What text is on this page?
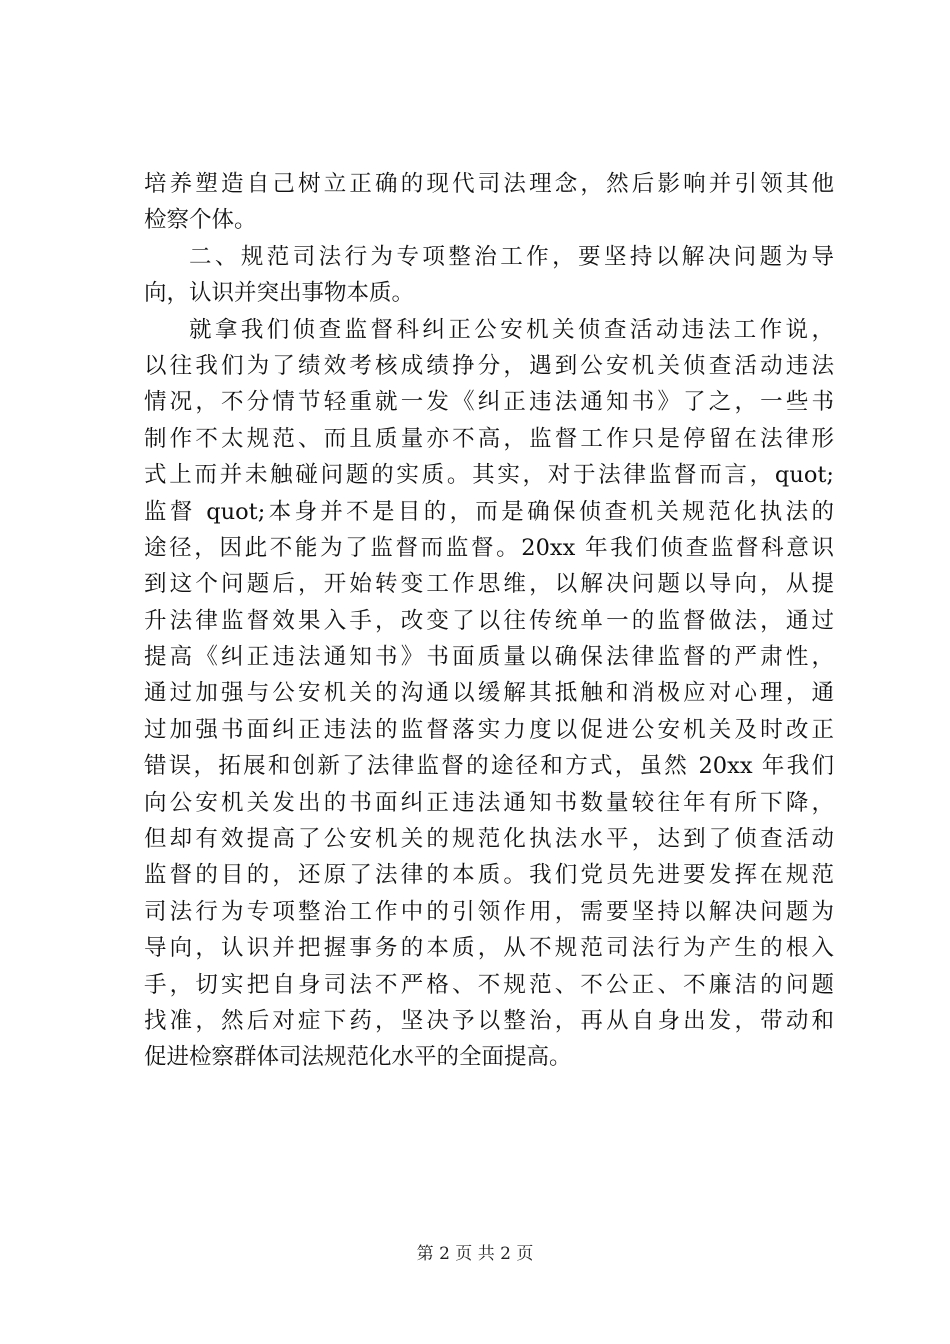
培养塑造自己树立正确的现代司法理念，然后影响并引领其他
检察个体。
二、规范司法行为专项整治工作，要坚持以解决问题为导
向，认识并突出事物本质。
就拿我们侦查监督科纠正公安机关侦查活动违法工作说，
以往我们为了绩效考核成绩挣分，遇到公安机关侦查活动违法
情况，不分情节轻重就一发《纠正违法通知书》了之，一些书
制作不太规范、而且质量亦不高，监督工作只是停留在法律形
式上而并未触碰问题的实质。其实，对于法律监督而言，quot;
监督 quot;本身并不是目的，而是确保侦查机关规范化执法的
途径，因此不能为了监督而监督。20xx 年我们侦查监督科意识
到这个问题后，开始转变工作思维，以解决问题以导向，从提
升法律监督效果入手，改变了以往传统单一的监督做法，通过
提高《纠正违法通知书》书面质量以确保法律监督的严肃性，
通过加强与公安机关的沟通以缓解其抵触和消极应对心理，通
过加强书面纠正违法的监督落实力度以促进公安机关及时改正
错误，拓展和创新了法律监督的途径和方式，虽然 20xx 年我们
向公安机关发出的书面纠正违法通知书数量较往年有所下降，
但却有效提高了公安机关的规范化执法水平，达到了侦查活动
监督的目的，还原了法律的本质。我们党员先进要发挥在规范
司法行为专项整治工作中的引领作用，需要坚持以解决问题为
导向，认识并把握事务的本质，从不规范司法行为产生的根入
手，切实把自身司法不严格、不规范、不公正、不廉洁的问题
找准，然后对症下药，坚决予以整治，再从自身出发，带动和
促进检察群体司法规范化水平的全面提高。
第 2 页 共 2 页
